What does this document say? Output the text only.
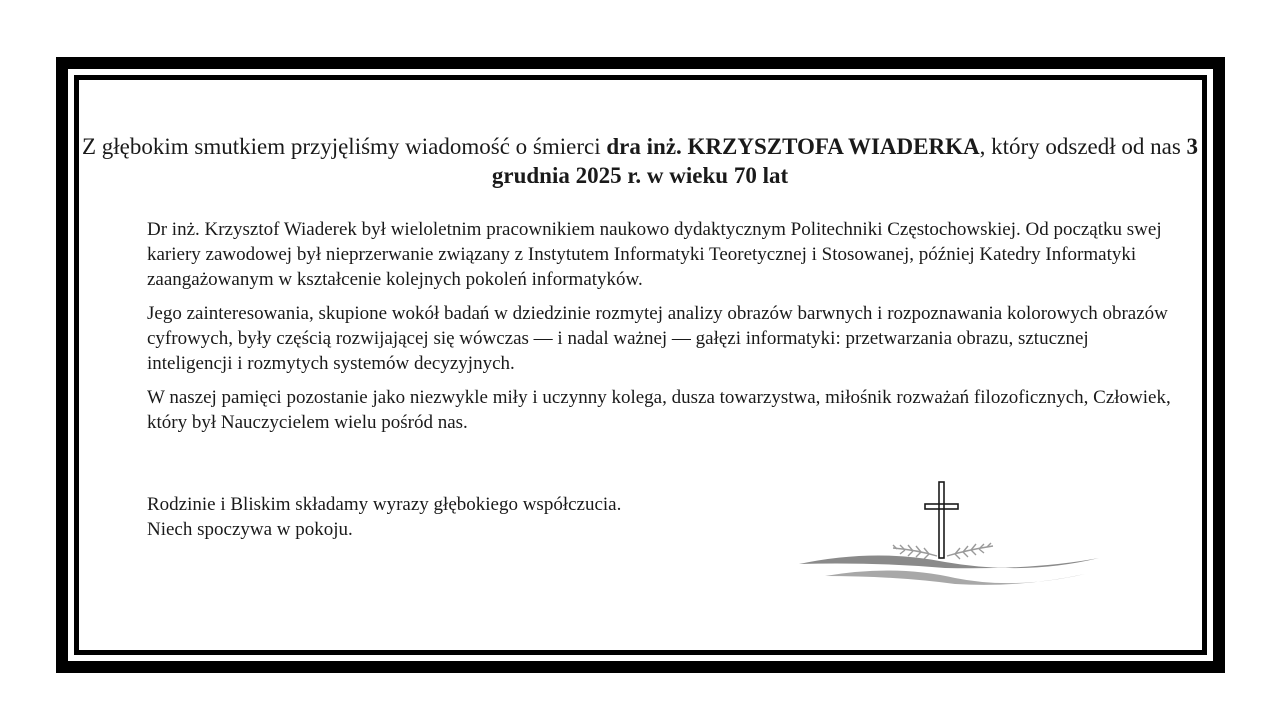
Z głębokim smutkiem przyjęliśmy wiadomość o śmierci dra inż. KRZYSZTOFA WIADERKA, który odszedł od nas 3 grudnia 2025 r. w wieku 70 lat

Dr inż. Krzysztof Wiaderek był wieloletnim pracownikiem naukowo dydaktycznym Politechniki Częstochowskiej. Od początku swej kariery zawodowej był nieprzerwanie związany z Instytutem Informatyki Teoretycznej i Stosowanej, później Katedry Informatyki zaangażowanym w kształcenie kolejnych pokoleń informatyków.

Jego zainteresowania, skupione wokół badań w dziedzinie rozmytej analizy obrazów barwnych i rozpoznawania kolorowych obrazów cyfrowych, były częścią rozwijającej się wówczas — i nadal ważnej — gałęzi informatyki: przetwarzania obrazu, sztucznej inteligencji i rozmytych systemów decyzyjnych.

W naszej pamięci pozostanie jako niezwykle miły i uczynny kolega, dusza towarzystwa, miłośnik rozważań filozoficznych, Człowiek, który był Nauczycielem wielu pośród nas.

Rodzinie i Bliskim składamy wyrazy głębokiego współczucia.
Niech spoczywa w pokoju.
